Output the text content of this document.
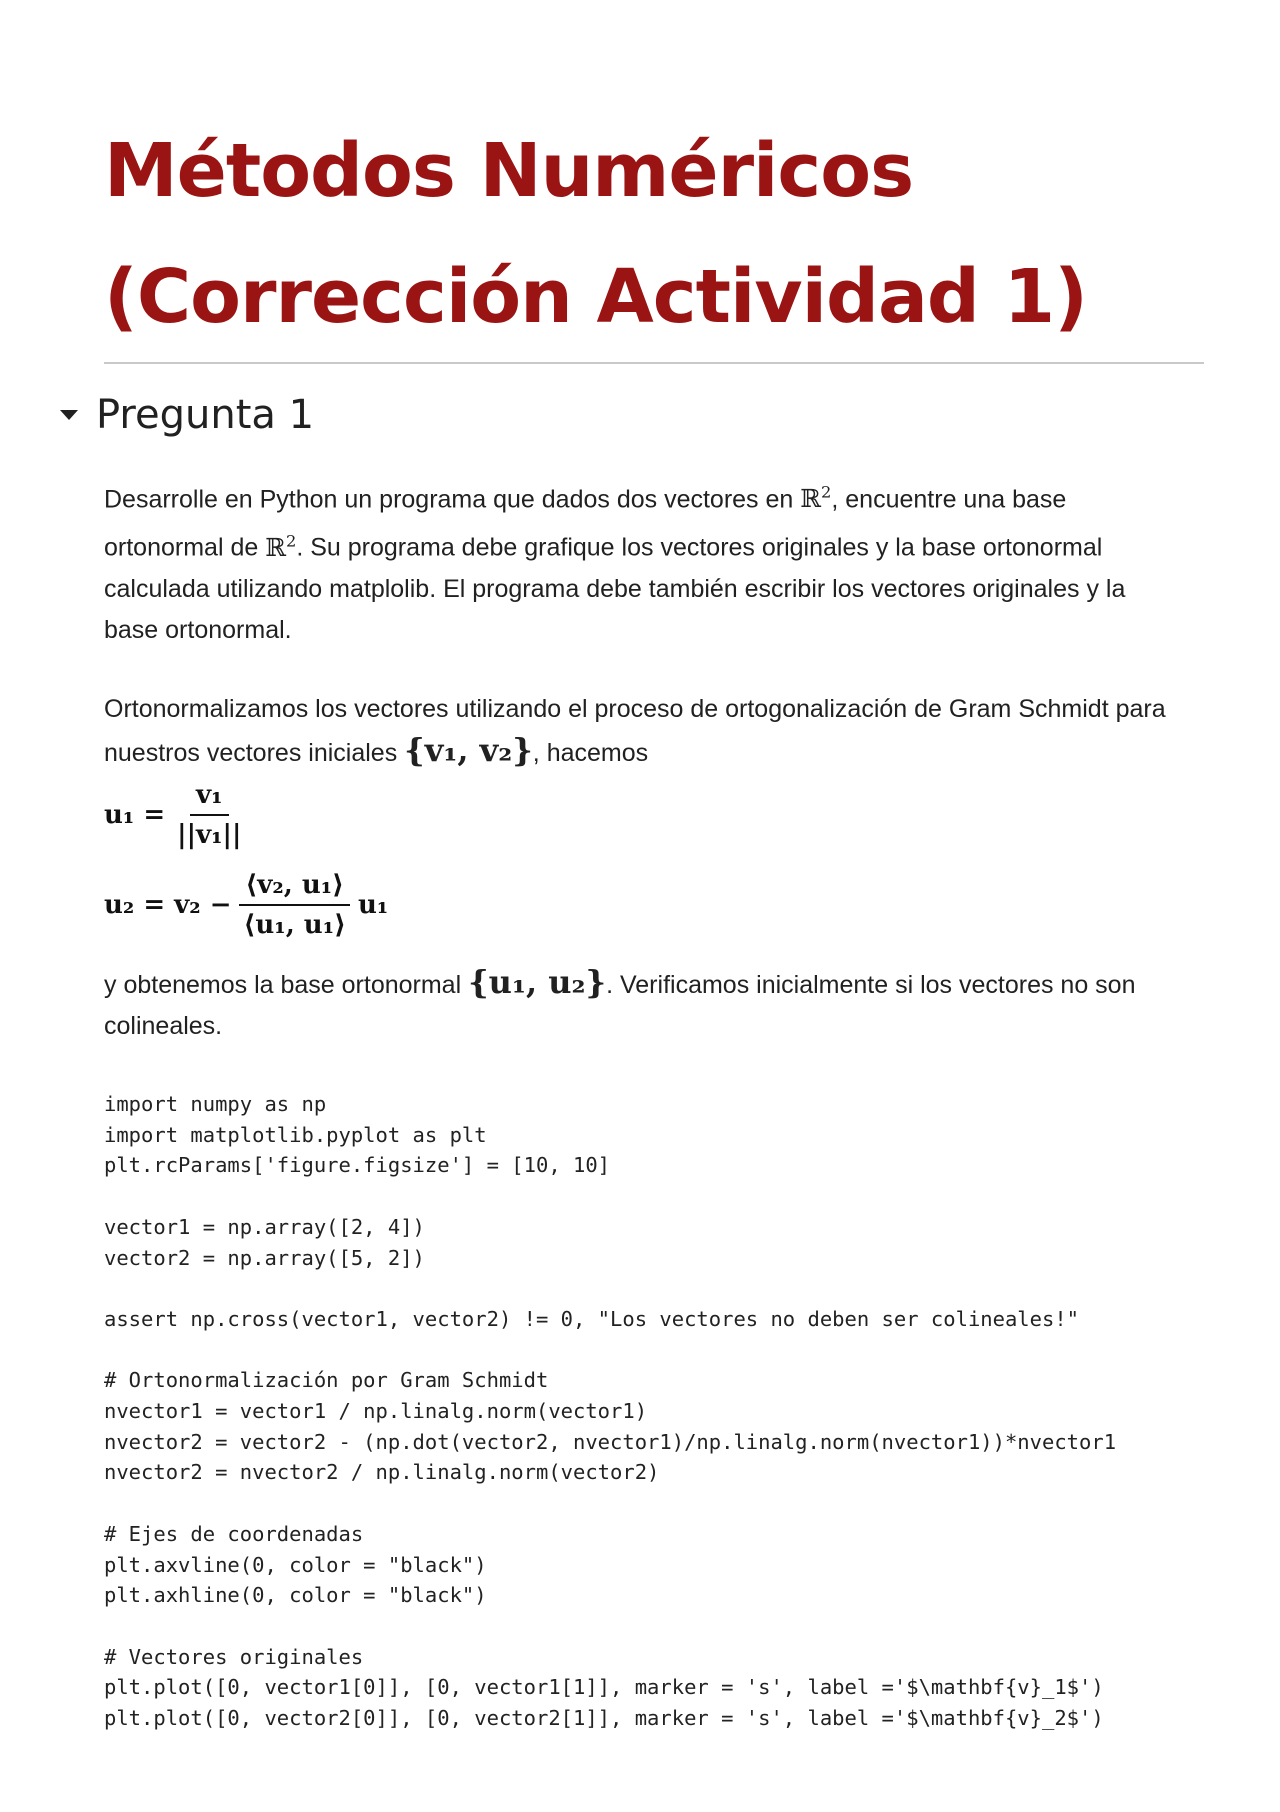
Métodos Numéricos
(Corrección Actividad 1)
Pregunta 1

Desarrolle en Python un programa que dados dos vectores en ℝ$^2$, encuentre una base
ortonormal de ℝ$^2$. Su programa debe grafique los vectores originales y la base ortonormal
calculada utilizando matplolib. El programa debe también escribir los vectores originales y la
base ortonormal.

Ortonormalizamos los vectores utilizando el proceso de ortogonalización de Gram Schmidt para
nuestros vectores iniciales {v₁, v₂}, hacemos

$u_1 = \frac{\text{v₁}}{\text{||v₁||}}$
$u_2 = v_2 - \frac{\text{⟨v₂, u₁⟩}}{\text{⟨u₁, u₁⟩}} u_1$

y obtenemos la base ortonormal {u₁, u₂}. Verificamos inicialmente si los vectores no son
colineales.

import numpy as np
import matplotlib.pyplot as plt
plt.rcParams['figure.figsize'] = [10, 10]

vector1 = np.array([2, 4])
vector2 = np.array([5, 2])

assert np.cross(vector1, vector2) != 0, "Los vectores no deben ser colineales!"

# Ortonormalización por Gram Schmidt
nvector1 = vector1 / np.linalg.norm(vector1)
nvector2 = vector2 - (np.dot(vector2, nvector1)/np.linalg.norm(nvector1))*nvector1
nvector2 = nvector2 / np.linalg.norm(vector2)

# Ejes de coordenadas
plt.axvline(0, color = "black")
plt.axhline(0, color = "black")

# Vectores originales
plt.plot([0, vector1[0]], [0, vector1[1]], marker = 's', label ='$\mathbf{v}_1$')
plt.plot([0, vector2[0]], [0, vector2[1]], marker = 's', label ='$\mathbf{v}_2$')
